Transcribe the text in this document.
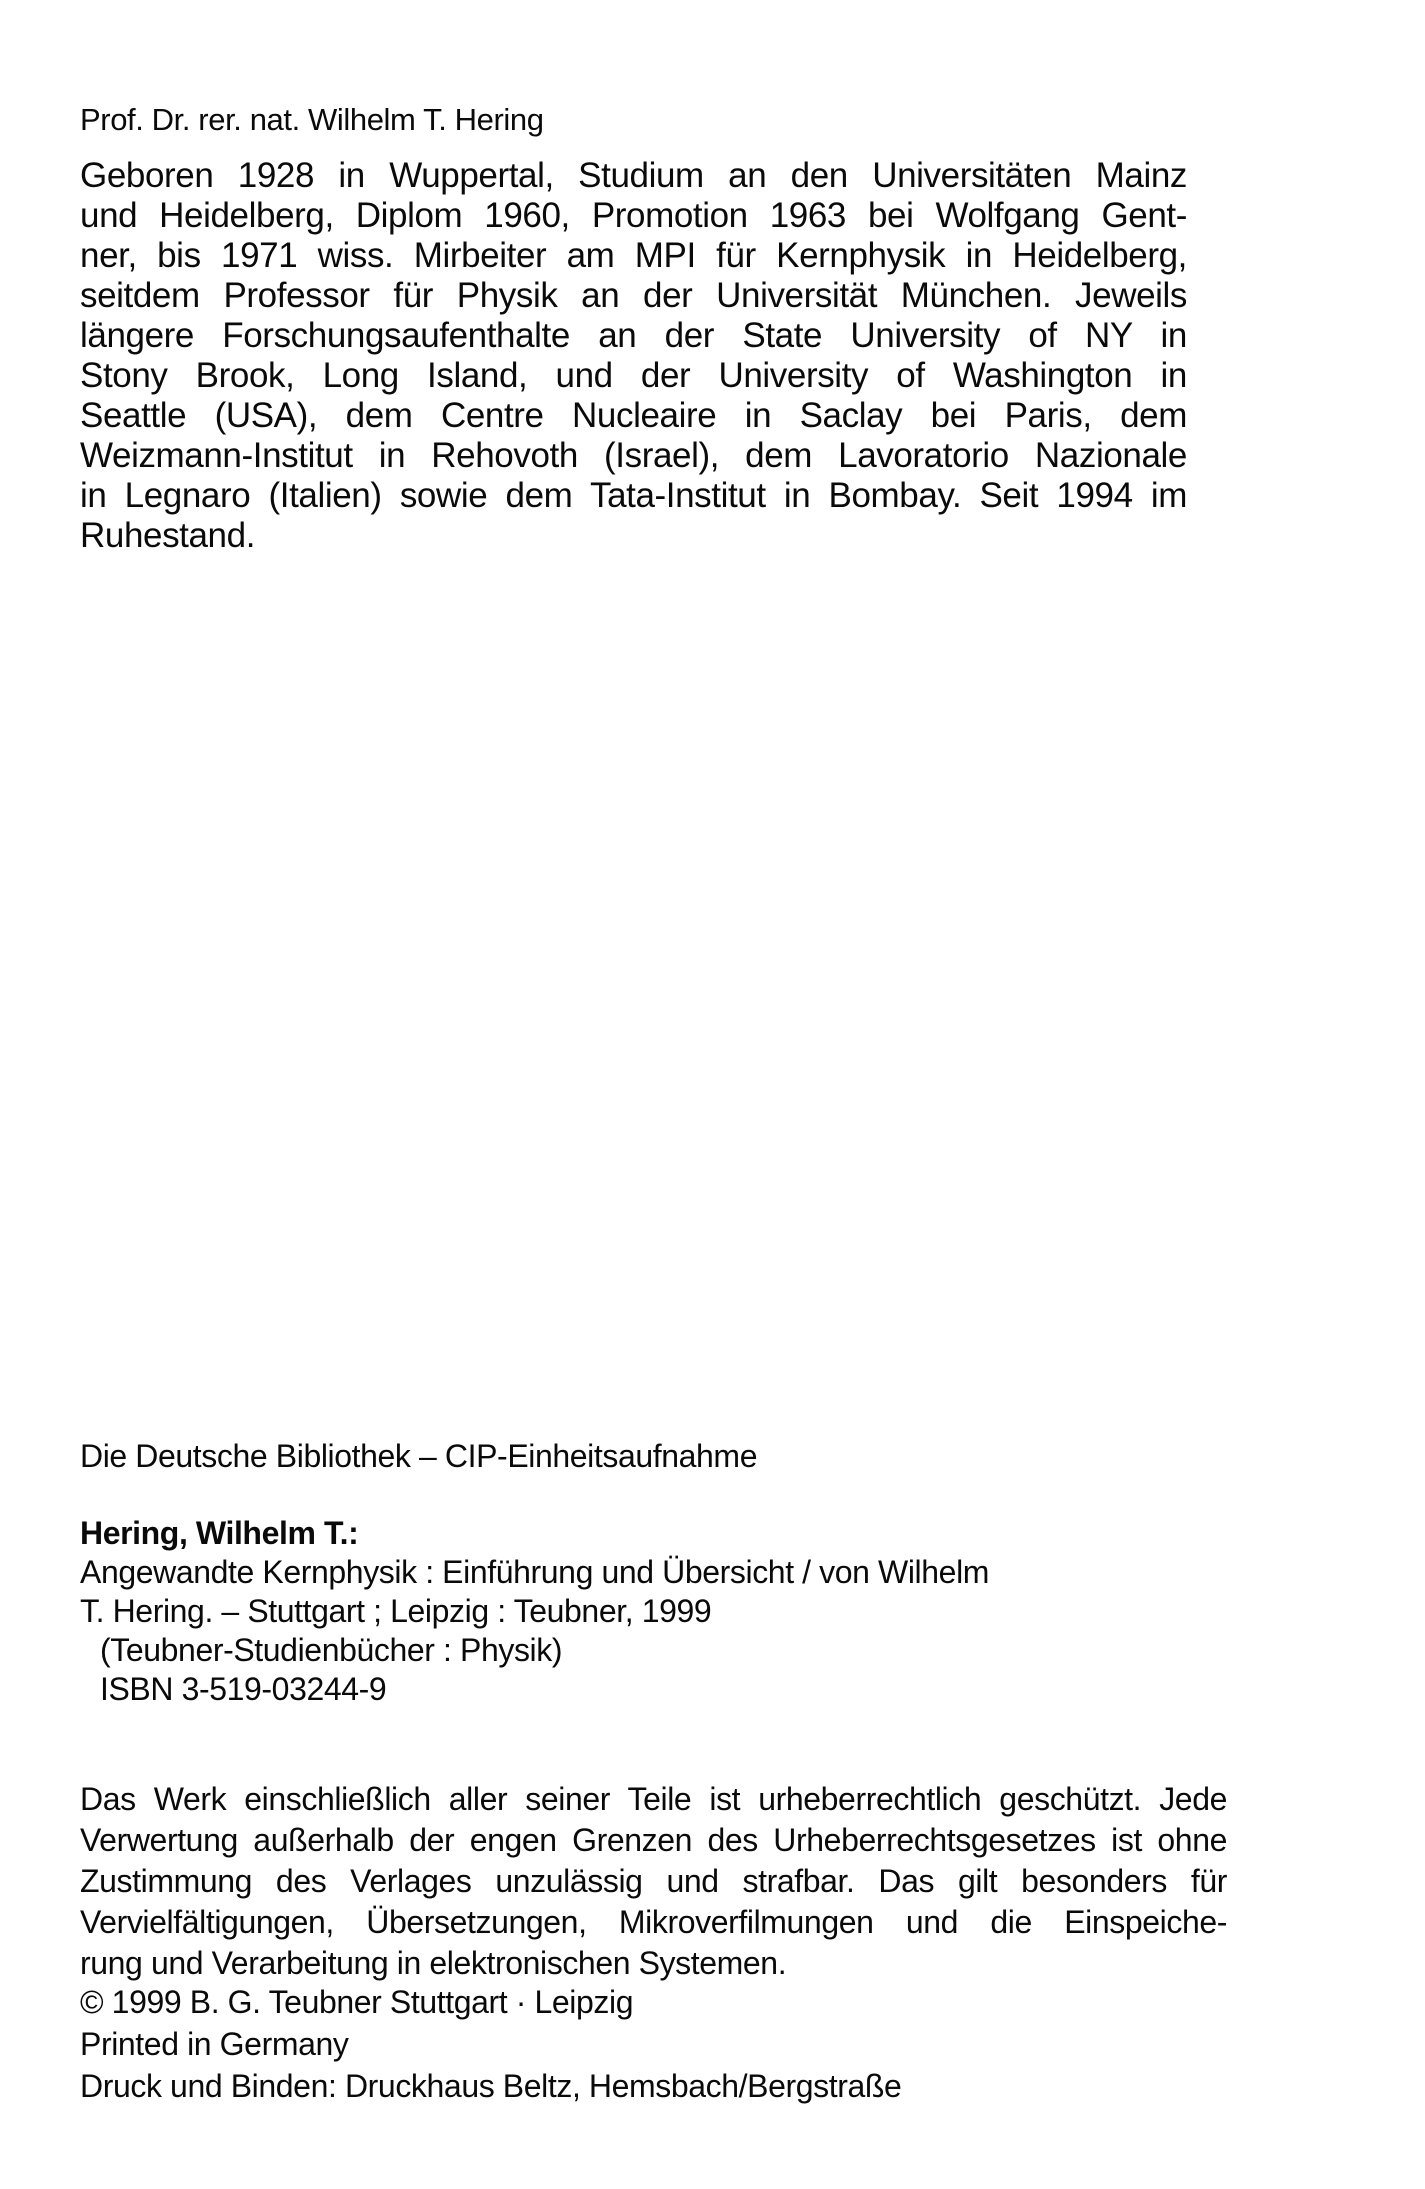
Prof. Dr. rer. nat. Wilhelm T. Hering
Geboren 1928 in Wuppertal, Studium an den Universitäten Mainz
und Heidelberg, Diplom 1960, Promotion 1963 bei Wolfgang Gent-
ner, bis 1971 wiss. Mirbeiter am MPI für Kernphysik in Heidelberg,
seitdem Professor für Physik an der Universität München. Jeweils
längere Forschungsaufenthalte an der State University of NY in
Stony Brook, Long Island, und der University of Washington in
Seattle (USA), dem Centre Nucleaire in Saclay bei Paris, dem
Weizmann-Institut in Rehovoth (Israel), dem Lavoratorio Nazionale
in Legnaro (Italien) sowie dem Tata-Institut in Bombay. Seit 1994 im
Ruhestand.
Die Deutsche Bibliothek – CIP-Einheitsaufnahme
Hering, Wilhelm T.:
Angewandte Kernphysik : Einführung und Übersicht / von Wilhelm
T. Hering. – Stuttgart ; Leipzig : Teubner, 1999
(Teubner-Studienbücher : Physik)
ISBN 3-519-03244-9
Das Werk einschließlich aller seiner Teile ist urheberrechtlich geschützt. Jede
Verwertung außerhalb der engen Grenzen des Urheberrechtsgesetzes ist ohne
Zustimmung des Verlages unzulässig und strafbar. Das gilt besonders für
Vervielfältigungen, Übersetzungen, Mikroverfilmungen und die Einspeiche-
rung und Verarbeitung in elektronischen Systemen.
© 1999 B. G. Teubner Stuttgart · Leipzig
Printed in Germany
Druck und Binden: Druckhaus Beltz, Hemsbach/Bergstraße
